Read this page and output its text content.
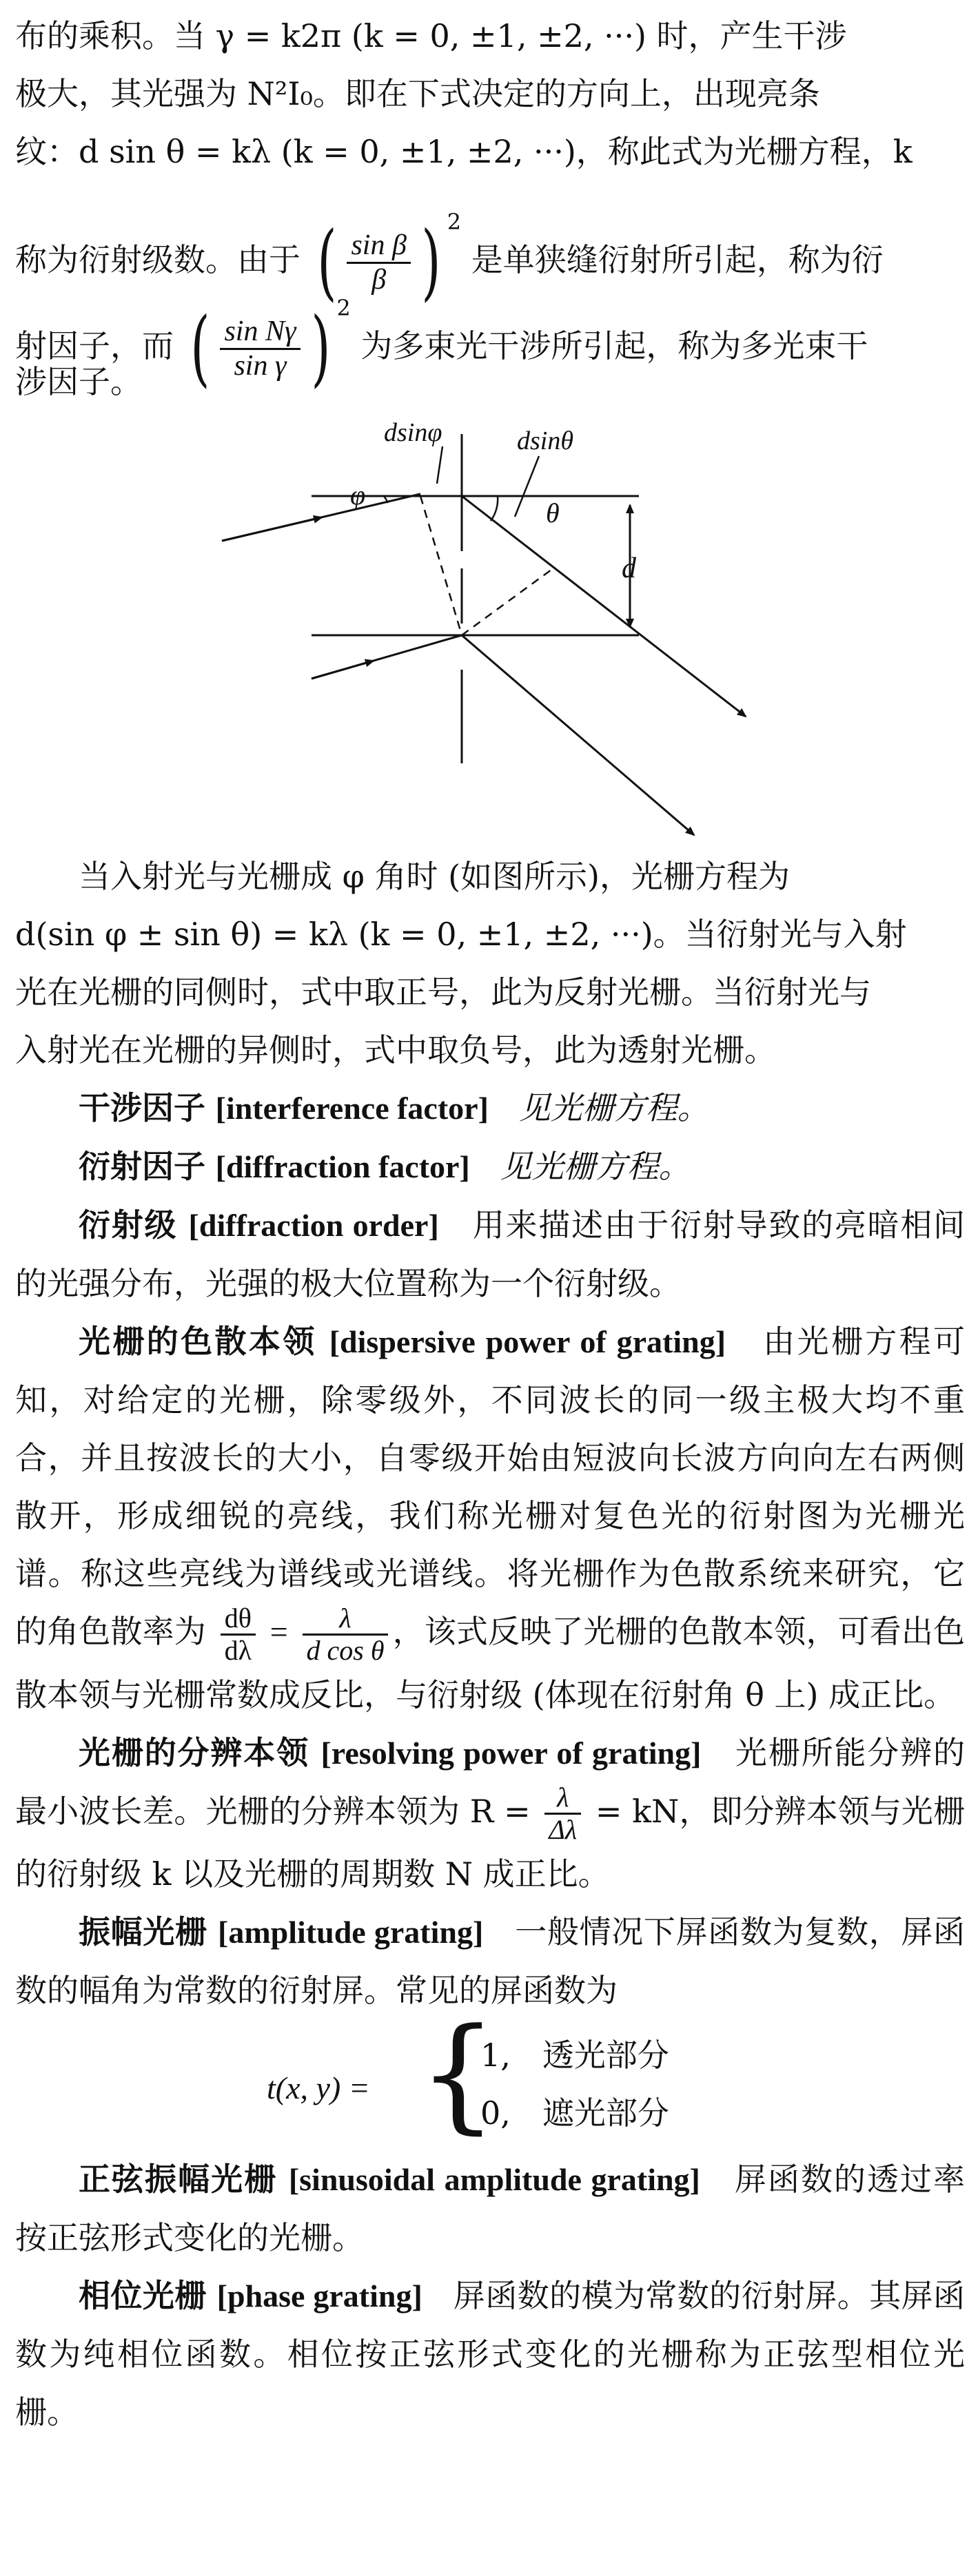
布的乘积。当 γ = k2π (k = 0, ±1, ±2, ···) 时，产生干涉
极大，其光强为 N²I₀。即在下式决定的方向上，出现亮条
纹：d sin θ = kλ (k = 0, ±1, ±2, ···)，称此式为光栅方程，k
称为衍射级数。由于 ( $\frac{\text{sin β}}{\beta}$ ) $^2$ 是单狭缝衍射所引起，称为衍
射因子，而 ( $\frac{\text{sin Nγ}}{\text{sin γ}}$ ) $^2$ 为多束光干涉所引起，称为多光束干
涉因子。

dsinφ	dsinθ
φ
θ
d

当入射光与光栅成 φ 角时 (如图所示)，光栅方程为
d(sin φ ± sin θ) = kλ (k = 0, ±1, ±2, ···)。当衍射光与入射
光在光栅的同侧时，式中取正号，此为反射光栅。当衍射光与
入射光在光栅的异侧时，式中取负号，此为透射光栅。

干涉因子 [interference factor] 见光栅方程。

衍射因子 [diffraction factor] 见光栅方程。

衍射级 [diffraction order] 用来描述由于衍射导致的亮暗相间的光强分布，光强的极大位置称为一个衍射级。

光栅的色散本领 [dispersive power of grating] 由光栅方程可知，对给定的光栅，除零级外，不同波长的同一级主极大均不重合，并且按波长的大小，自零级开始由短波向长波方向向左右两侧散开，形成细锐的亮线，我们称光栅对复色光的衍射图为光栅光谱。称这些亮线为谱线或光谱线。将光栅作为色散系统来研究，它的角色散率为 $\frac{d\theta}{d\lambda} = \frac{\lambda}{\text{d cos θ}}$ ，该式反映了光栅的色散本领，可看出色散本领与光栅常数成反比，与衍射级 (体现在衍射角 θ 上) 成正比。

光栅的分辨本领 [resolving power of grating] 光栅所能分辨的最小波长差。光栅的分辨本领为 $R = \frac{\lambda}{\Delta\lambda}$ = kN，即分辨本领与光栅的衍射级 k 以及光栅的周期数 N 成正比。

振幅光栅 [amplitude grating] 一般情况下屏函数为复数，屏函数的幅角为常数的衍射屏。常见的屏函数为

t(x, y) = {
1,　透光部分
0,　遮光部分

正弦振幅光栅 [sinusoidal amplitude grating] 屏函数的透过率按正弦形式变化的光栅。

相位光栅 [phase grating] 屏函数的模为常数的衍射屏。其屏函数为纯相位函数。相位按正弦形式变化的光栅称为正弦型相位光栅。
